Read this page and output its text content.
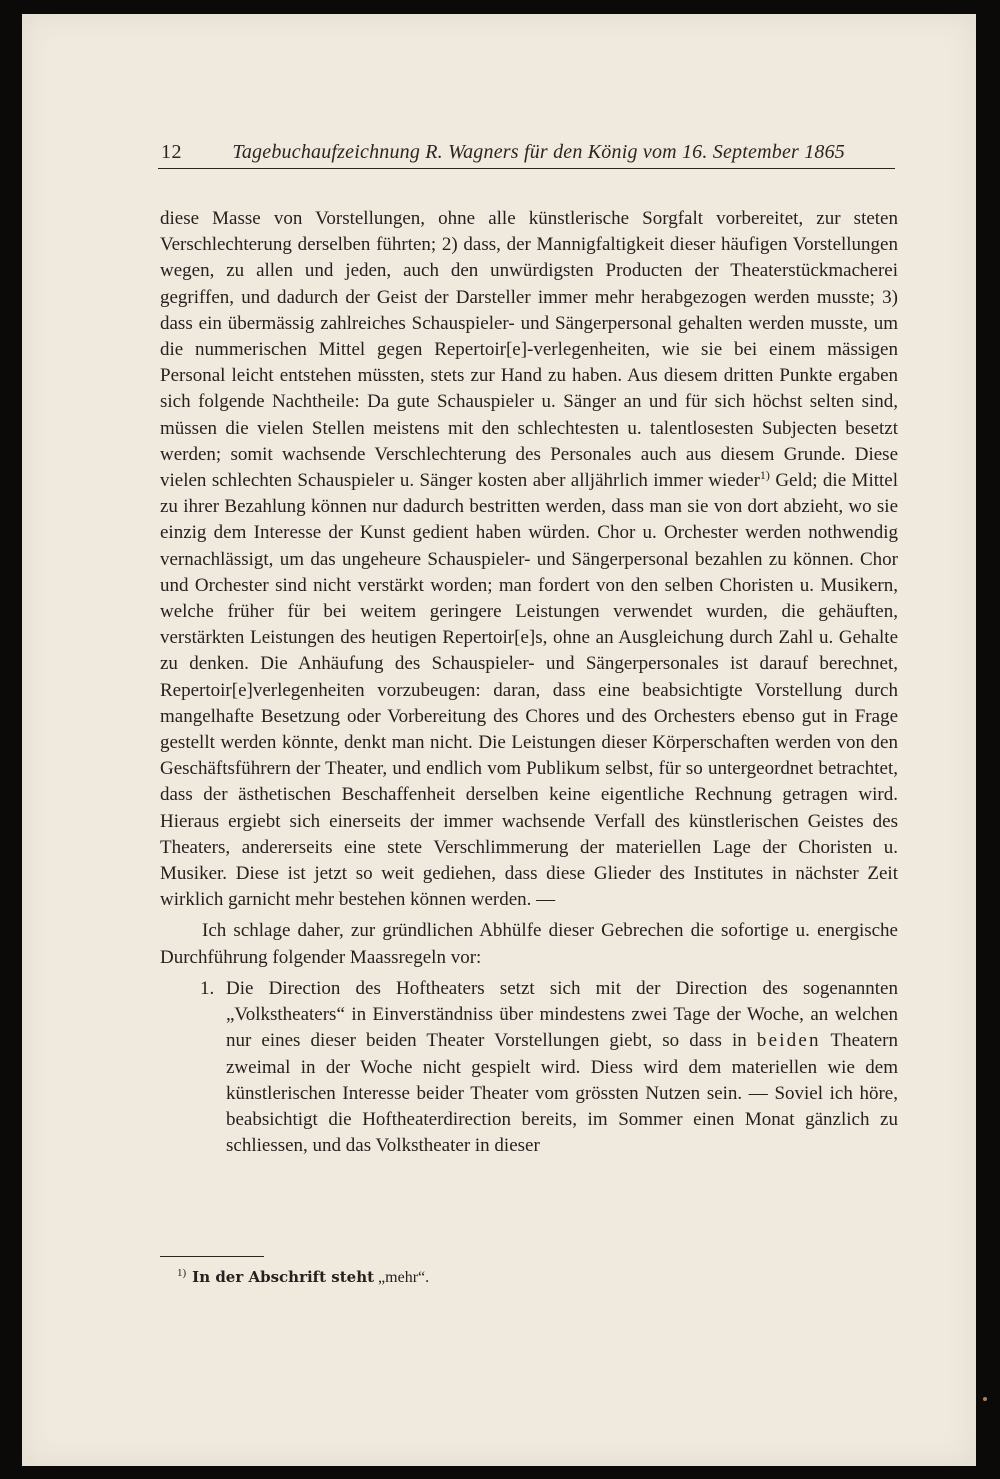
12	Tagebuchaufzeichnung R. Wagners für den König vom 16. September 1865

diese Masse von Vorstellungen, ohne alle künstlerische Sorgfalt vorbereitet, zur steten Verschlechterung derselben führten; 2) dass, der Mannigfaltigkeit dieser häufigen Vorstellungen wegen, zu allen und jeden, auch den unwürdigsten Producten der Theaterstückmacherei gegriffen, und dadurch der Geist der Darsteller immer mehr herabgezogen werden musste; 3) dass ein übermässig zahlreiches Schauspieler- und Sängerpersonal gehalten werden musste, um die nummerischen Mittel gegen Repertoir[e]-verlegenheiten, wie sie bei einem mässigen Personal leicht entstehen müssten, stets zur Hand zu haben. Aus diesem dritten Punkte ergaben sich folgende Nachtheile: Da gute Schauspieler u. Sänger an und für sich höchst selten sind, müssen die vielen Stellen meistens mit den schlechtesten u. talentlosesten Subjecten besetzt werden; somit wachsende Verschlechterung des Personales auch aus diesem Grunde. Diese vielen schlechten Schauspieler u. Sänger kosten aber alljährlich immer wieder$^{1)}$ Geld; die Mittel zu ihrer Bezahlung können nur dadurch bestritten werden, dass man sie von dort abzieht, wo sie einzig dem Interesse der Kunst gedient haben würden. Chor u. Orchester werden nothwendig vernachlässigt, um das ungeheure Schauspieler- und Sängerpersonal bezahlen zu können. Chor und Orchester sind nicht verstärkt worden; man fordert von den selben Choristen u. Musikern, welche früher für bei weitem geringere Leistungen verwendet wurden, die gehäuften, verstärkten Leistungen des heutigen Repertoir[e]s, ohne an Ausgleichung durch Zahl u. Gehalte zu denken. Die Anhäufung des Schauspieler- und Sängerpersonales ist darauf berechnet, Repertoir[e]verlegenheiten vorzubeugen: daran, dass eine beabsichtigte Vorstellung durch mangelhafte Besetzung oder Vorbereitung des Chores und des Orchesters ebenso gut in Frage gestellt werden könnte, denkt man nicht. Die Leistungen dieser Körperschaften werden von den Geschäftsführern der Theater, und endlich vom Publikum selbst, für so untergeordnet betrachtet, dass der ästhetischen Beschaffenheit derselben keine eigentliche Rechnung getragen wird. Hieraus ergiebt sich einerseits der immer wachsende Verfall des künstlerischen Geistes des Theaters, andererseits eine stete Verschlimmerung der materiellen Lage der Choristen u. Musiker. Diese ist jetzt so weit gediehen, dass diese Glieder des Institutes in nächster Zeit wirklich garnicht mehr bestehen können werden. —

Ich schlage daher, zur gründlichen Abhülfe dieser Gebrechen die sofortige u. energische Durchführung folgender Maassregeln vor:

1. Die Direction des Hoftheaters setzt sich mit der Direction des sogenannten „Volkstheaters“ in Einverständniss über mindestens zwei Tage der Woche, an welchen nur eines dieser beiden Theater Vorstellungen giebt, so dass in beiden Theatern zweimal in der Woche nicht gespielt wird. Diess wird dem materiellen wie dem künstlerischen Interesse beider Theater vom grössten Nutzen sein. — Soviel ich höre, beabsichtigt die Hoftheaterdirection bereits, im Sommer einen Monat gänzlich zu schliessen, und das Volkstheater in dieser
$^{1)}$ In der Abschrift steht „mehr“.
